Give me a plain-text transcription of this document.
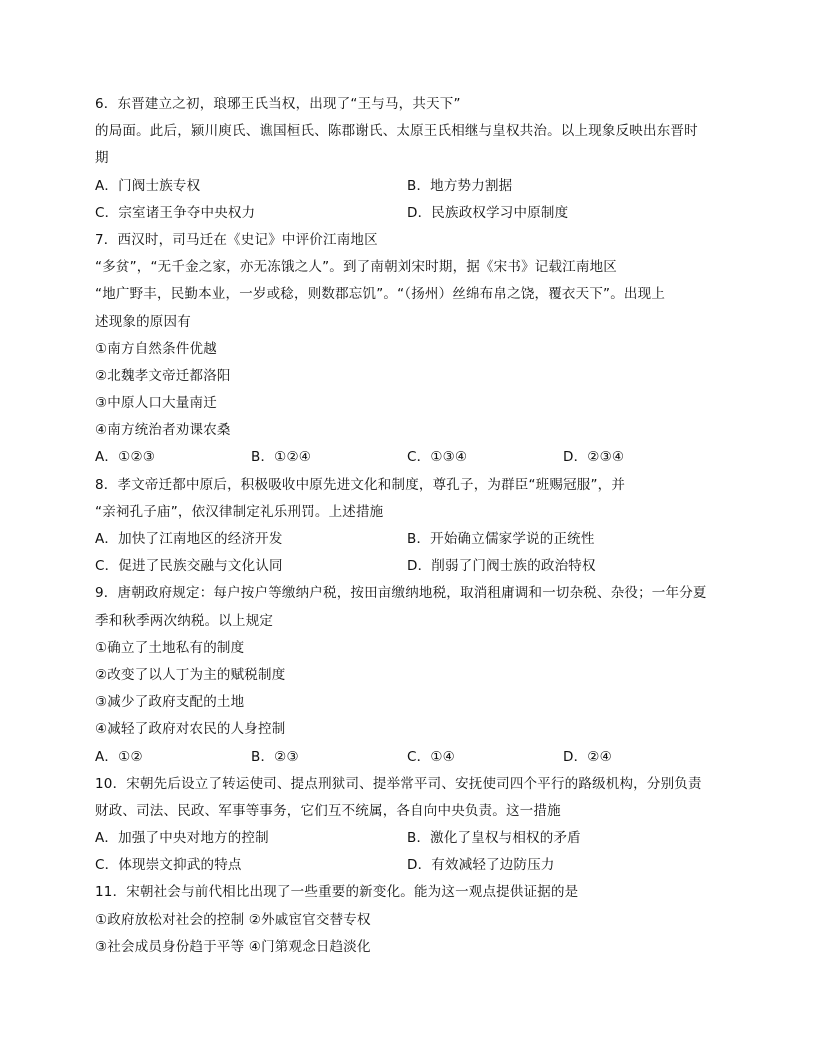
6．东晋建立之初，琅琊王氏当权，出现了“王与马，共天下”
的局面。此后，颍川庾氏、谯国桓氏、陈郡谢氏、太原王氏相继与皇权共治。以上现象反映出东晋时
期
A．门阀士族专权	B．地方势力割据
C．宗室诸王争夺中央权力	D．民族政权学习中原制度
7．西汉时，司马迁在《史记》中评价江南地区
“多贫”，“无千金之家，亦无冻饿之人”。到了南朝刘宋时期，据《宋书》记载江南地区
“地广野丰，民勤本业，一岁或稔，则数郡忘饥”。“（扬州）丝绵布帛之饶，覆衣天下”。出现上
述现象的原因有
①南方自然条件优越
②北魏孝文帝迁都洛阳
③中原人口大量南迁
④南方统治者劝课农桑
A．①②③	B．①②④	C．①③④	D．②③④
8．孝文帝迁都中原后，积极吸收中原先进文化和制度，尊孔子，为群臣“班赐冠服”，并
“亲祠孔子庙”，依汉律制定礼乐刑罚。上述措施
A．加快了江南地区的经济开发	B．开始确立儒家学说的正统性
C．促进了民族交融与文化认同	D．削弱了门阀士族的政治特权
9．唐朝政府规定：每户按户等缴纳户税，按田亩缴纳地税，取消租庸调和一切杂税、杂役；一年分夏
季和秋季两次纳税。以上规定
①确立了土地私有的制度
②改变了以人丁为主的赋税制度
③减少了政府支配的土地
④减轻了政府对农民的人身控制
A．①②	B．②③	C．①④	D．②④
10．宋朝先后设立了转运使司、提点刑狱司、提举常平司、安抚使司四个平行的路级机构，分别负责
财政、司法、民政、军事等事务，它们互不统属，各自向中央负责。这一措施
A．加强了中央对地方的控制	B．激化了皇权与相权的矛盾
C．体现崇文抑武的特点	D．有效减轻了边防压力
11．宋朝社会与前代相比出现了一些重要的新变化。能为这一观点提供证据的是
①政府放松对社会的控制 ②外戚宦官交替专权
③社会成员身份趋于平等 ④门第观念日趋淡化
